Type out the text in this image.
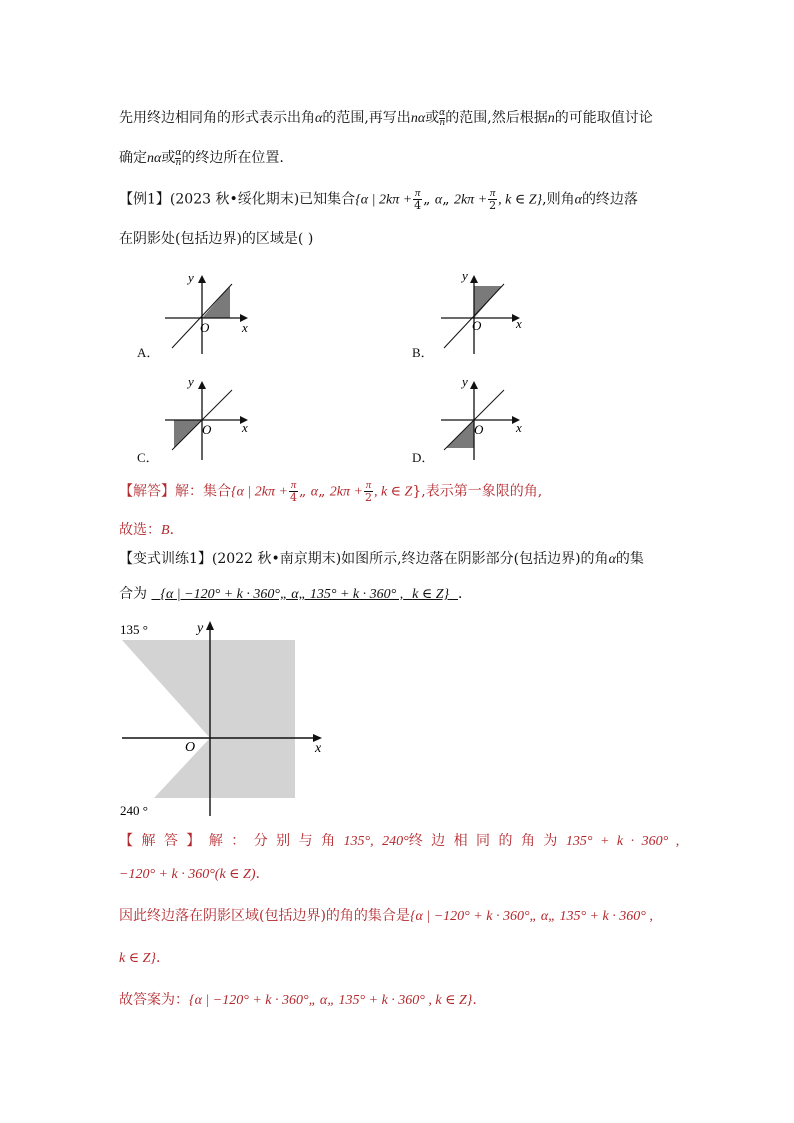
先用终边相同角的形式表示出角α的范围,再写出nα或 $\frac{\alpha}{n}$ 的范围,然后根据n的可能取值讨论
确定nα或 $\frac{\alpha}{n}$ 的终边所在位置.
【例1】(2023 秋•绥化期末)已知集合{α | $2k\pi + \frac{\pi}{4}$ „ α„ $2k\pi + \frac{\pi}{2}$ , k ∈ Z},则角α的终边落
在阴影处(包括边界)的区域是( )
y
x
O
A．
y
x
O
B．
y
x
O
C．
y
x
O
D．
【解答】解：集合{α | $2k\pi + \frac{\pi}{4}$ „ α„ $2k\pi + \frac{\pi}{2}$ , k ∈ Z},表示第一象限的角,
故选：B．
【变式训练1】(2022 秋•南京期末)如图所示,终边落在阴影部分(包括边界)的角α的集
合为 {α | −120° + k · 360°„ α„ 135° + k · 360° , k ∈ Z} ．
135 °
240 °
y
x
O
【 解 答 】 解 ： 分 别 与 角 135°, 240°终 边 相 同 的 角 为 135° + k · 360° ,
−120° + k · 360°(k ∈ Z).
因此终边落在阴影区域(包括边界)的角的集合是{α | −120° + k · 360°„ α„ 135° + k · 360° ,
k ∈ Z}.
故答案为：{α | −120° + k · 360°„ α„ 135° + k · 360° , k ∈ Z}.
